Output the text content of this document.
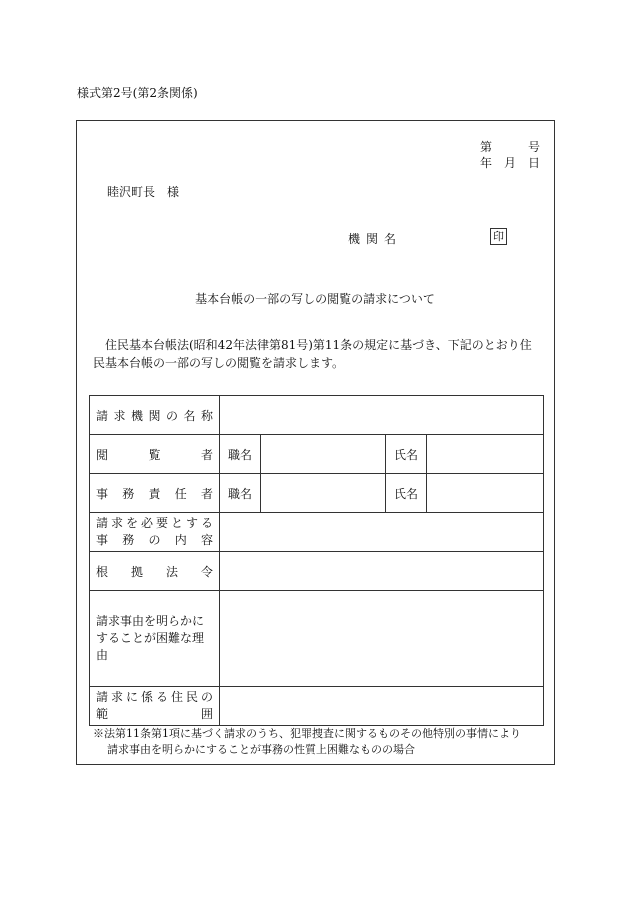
様式第2号(第2条関係)
第　　　号
年　月　日
睦沢町長　様
機関名	印
基本台帳の一部の写しの閲覧の請求について
住民基本台帳法(昭和42年法律第81号)第11条の規定に基づき、下記のとおり住民基本台帳の一部の写しの閲覧を請求します。
請求機関の名称				
閲覧者	職名		氏名	
事務責任者	職名		氏名	

請求を必要とする
事務の内容				

根拠法令				

請求事由を明らかに
することが困難な理由				

請求に係る住民の
範囲				

※法第11条第1項に基づく請求のうち、犯罪捜査に関するものその他特別の事情により
請求事由を明らかにすることが事務の性質上困難なものの場合
